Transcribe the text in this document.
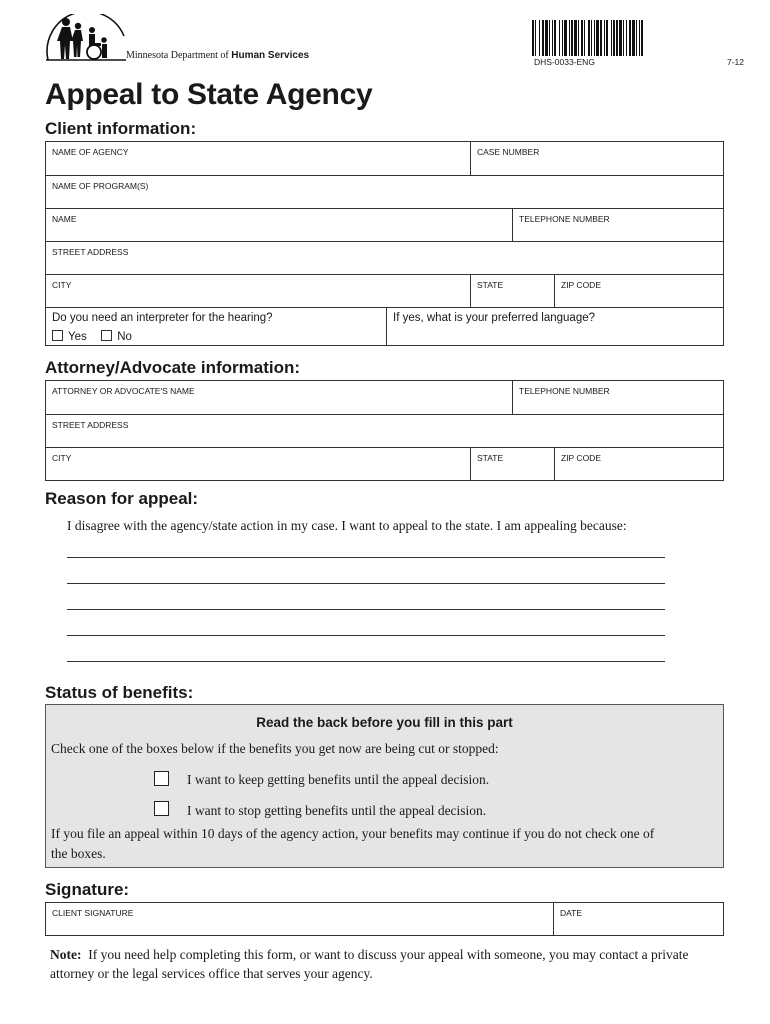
Minnesota Department of Human Services
DHS-0033-ENG	7-12
Appeal to State Agency
Client information:
NAME OF AGENCY	CASE NUMBER
NAME OF PROGRAM(S)
NAME	TELEPHONE NUMBER
STREET ADDRESS
CITY	STATE	ZIP CODE
Do you need an interpreter for the hearing?
Yes	No
If yes, what is your preferred language?
Attorney/Advocate information:
ATTORNEY OR ADVOCATE'S NAME	TELEPHONE NUMBER
STREET ADDRESS
CITY	STATE	ZIP CODE
Reason for appeal:
I disagree with the agency/state action in my case. I want to appeal to the state. I am appealing because:
Status of benefits:
Read the back before you fill in this part
Check one of the boxes below if the benefits you get now are being cut or stopped:
I want to keep getting benefits until the appeal decision.
I want to stop getting benefits until the appeal decision.
If you file an appeal within 10 days of the agency action, your benefits may continue if you do not check one of
the boxes.
Signature:
CLIENT SIGNATURE	DATE
Note: If you need help completing this form, or want to discuss your appeal with someone, you may contact a private attorney or the legal services office that serves your agency.
